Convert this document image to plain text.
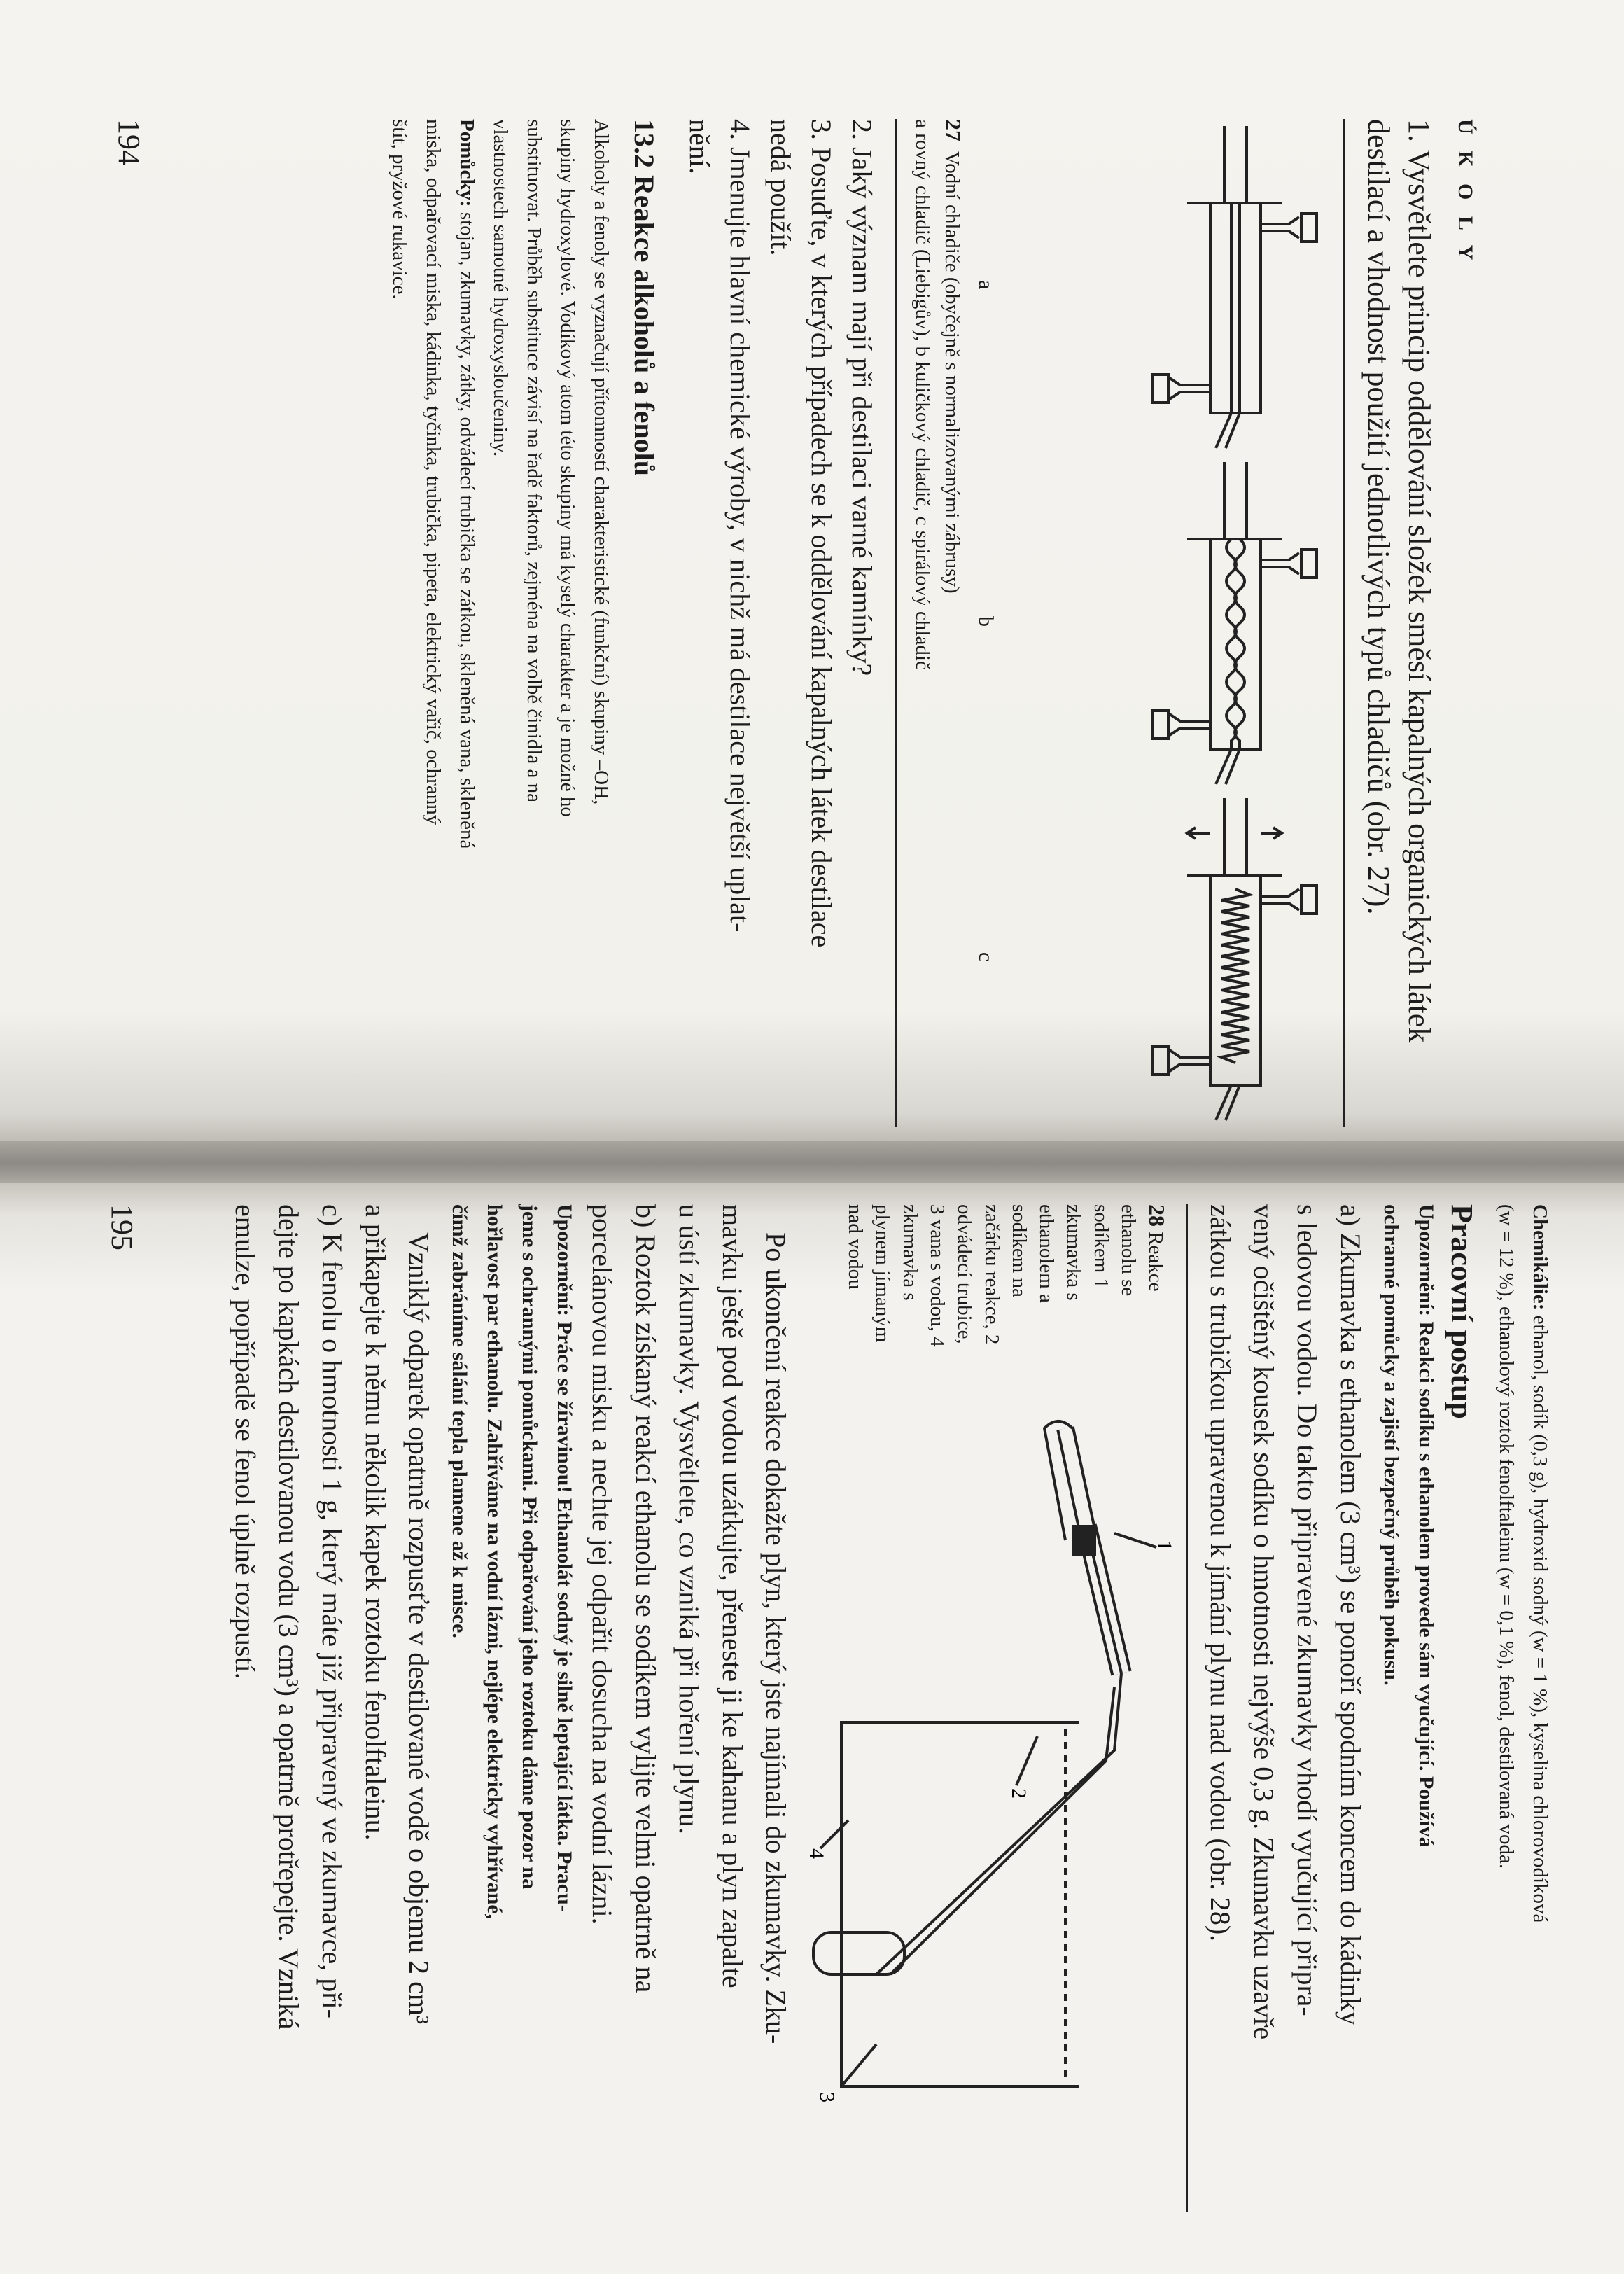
Ú K O L Y

1. Vysvětlete princip oddělování složek směsí kapalných organických látek

destilací a vhodnost použití jednotlivých typů chladičů (obr. 27).

a
b
c

27Vodní chladiče (obyčejně s normalizovanými zábrusy)

a rovný chladič (Liebigův), b kuličkový chladič, c spirálový chladič

2. Jaký význam mají při destilaci varné kamínky?

3. Posuďte, v kterých případech se k oddělování kapalných látek destilace

nedá použít.

4. Jmenujte hlavní chemické výroby, v nichž má destilace největší uplat-

nění.

13.2 Reakce alkoholů a fenolů

Alkoholy a fenoly se vyznačují přítomností charakteristické (funkční) skupiny –OH,

skupiny hydroxylové. Vodíkový atom této skupiny má kyselý charakter a je možné ho

substituovat. Průběh substituce závisí na řadě faktorů, zejména na volbě činidla a na

vlastnostech samotné hydroxysloučeniny.

Pomůcky: stojan, zkumavky, zátky, odvádecí trubička se zátkou, skleněná vana, skleněná

miska, odpařovací miska, kádinka, tyčinka, trubička, pipeta, elektrický vařič, ochranný

štít, pryžové rukavice.

194

Chemikálie: ethanol, sodík (0,3 g), hydroxid sodný (w = 1 %), kyselina chlorovodíková

(w = 12 %), ethanolový roztok fenolftaleinu (w = 0,1 %), fenol, destilovaná voda.

Pracovní postup

Upozornění: Reakci sodíku s ethanolem provede sám vyučující. Používá

ochranné pomůcky a zajistí bezpečný průběh pokusu.

a) Zkumavka s ethanolem (3 cm³) se ponoří spodním koncem do kádinky

s ledovou vodou. Do takto připravené zkumavky vhodí vyučující připra-

vený očištěný kousek sodíku o hmotnosti nejvýše 0,3 g. Zkumavku uzavře

zátkou s trubičkou upravenou k jímání plynu nad vodou (obr. 28).

28 Reakce ethanolu se sodíkem 1 zkumavka s ethanolem a sodíkem na začátku reakce, 2 odvádecí trubice, 3 vana s vodou, 4 zkumavka s plynem jímaným nad vodou
1
2
3
4

Po ukončení reakce dokažte plyn, který jste najímali do zkumavky. Zku-

mavku ještě pod vodou uzátkujte, přeneste ji ke kahanu a plyn zapalte

u ústí zkumavky. Vysvětlete, co vzniká při hoření plynu.

b) Roztok získaný reakcí ethanolu se sodíkem vylijte velmi opatrně na

porcelánovou misku a nechte jej odpařit dosucha na vodní lázni.

Upozornění: Práce se žíravinou! Ethanolát sodný je silně leptající látka. Pracu-

jeme s ochrannými pomůckami. Při odpařování jeho roztoku dáme pozor na

hořlavost par ethanolu. Zahříváme na vodní lázni, nejlépe elektricky vyhřívané,

čímž zabráníme sálání tepla plamene až k misce.

Vzniklý odparek opatrně rozpusťte v destilované vodě o objemu 2 cm³

a přikapejte k němu několik kapek roztoku fenolftaleinu.

c) K fenolu o hmotnosti 1 g, který máte již připravený ve zkumavce, při-

dejte po kapkách destilovanou vodu (3 cm³) a opatrně protřepejte. Vzniká

emulze, popřípadě se fenol úplně rozpustí.

195
